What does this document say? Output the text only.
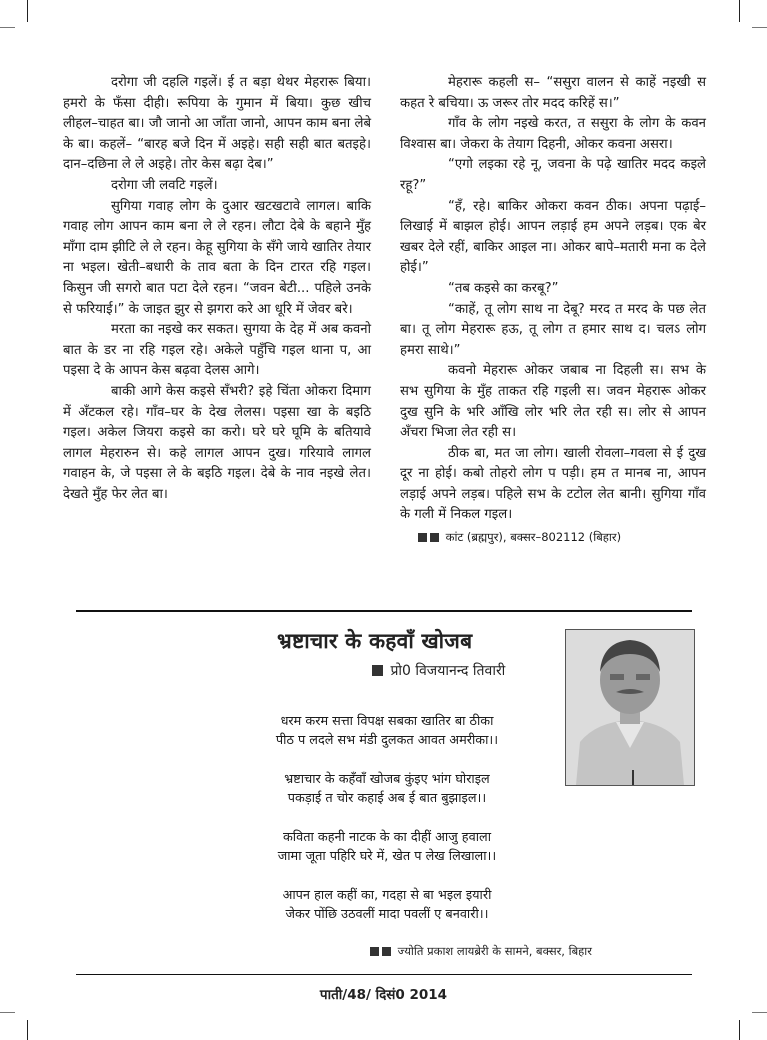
दरोगा जी दहलि गइलें। ई त बड़ा थेथर मेहरारू बिया। हमरो के फँसा दीही। रूपिया के गुमान में बिया। कुछ खीच लीहल–चाहत बा। जौ जानो आ जाँता जानो, आपन काम बना लेबे के बा। कहलें– “बारह बजे दिन में अइहे। सही सही बात बतइहे। दान–दछिना ले ले अइहे। तोर केस बढ़ा देब।”

दरोगा जी लवटि गइलें।

सुगिया गवाह लोग के दुआर खटखटावे लागल। बाकि गवाह लोग आपन काम बना ले ले रहन। लौटा देबे के बहाने मुँह माँगा दाम झीटि ले ले रहन। केहू सुगिया के सँगे जाये खातिर तेयार ना भइल। खेती–बधारी के ताव बता के दिन टारत रहि गइल। किसुन जी सगरो बात पटा देले रहन। “जवन बेटी... पहिले उनके से फरियाई।” के जाइत झुर से झगरा करे आ धूरि में जेवर बरे।

मरता का नइखे कर सकत। सुगया के देह में अब कवनो बात के डर ना रहि गइल रहे। अकेले पहुँचि गइल थाना प, आ पइसा दे के आपन केस बढ़वा देलस आगे।

बाकी आगे केस कइसे सँभरी? इहे चिंता ओकरा दिमाग में अँटकल रहे। गाँव–घर के देख लेलस। पइसा खा के बइठि गइल। अकेल जियरा कइसे का करो। घरे घरे घूमि के बतियावे लागल मेहरारुन से। कहे लागल आपन दुख। गरियावे लागल गवाहन के, जे पइसा ले के बइठि गइल। देबे के नाव नइखे लेत। देखते मुँह फेर लेत बा।

मेहरारू कहली स– “ससुरा वालन से काहें नइखी स कहत रे बचिया। ऊ जरूर तोर मदद करिहें स।”

गाँव के लोग नइखे करत, त ससुरा के लोग के कवन विश्वास बा। जेकरा के तेयाग दिहनी, ओकर कवना असरा।

“एगो लइका रहे नू, जवना के पढ़े खातिर मदद कइले रहू?”

“हँ, रहे। बाकिर ओकरा कवन ठीक। अपना पढ़ाई–लिखाई में बाझल होई। आपन लड़ाई हम अपने लड़ब। एक बेर खबर देले रहीं, बाकिर आइल ना। ओकर बापे–मतारी मना क देले होई।”

“तब कइसे का करबू?”

“काहें, तू लोग साथ ना देबू? मरद त मरद के पछ लेत बा। तू लोग मेहरारू हऊ, तू लोग त हमार साथ द। चलऽ लोग हमरा साथे।”

कवनो मेहरारू ओकर जबाब ना दिहली स। सभ के सभ सुगिया के मुँह ताकत रहि गइली स। जवन मेहरारू ओकर दुख सुनि के भरि आँखि लोर भरि लेत रही स। लोर से आपन अँचरा भिजा लेत रही स।

ठीक बा, मत जा लोग। खाली रोवला–गवला से ई दुख दूर ना होई। कबो तोहरो लोग प पड़ी। हम त मानब ना, आपन लड़ाई अपने लड़ब। पहिले सभ के टटोल लेत बानी। सुगिया गाँव के गली में निकल गइल।

कांट (ब्रह्मपुर), बक्सर–802112 (बिहार)
भ्रष्टाचार के कहवाँ खोजब
प्रो0 विजयानन्द तिवारी
धरम करम सत्ता विपक्ष सबका खातिर बा ठीका
पीठ प लदले सभ मंडी दुलकत आवत अमरीका।।
भ्रष्टाचार के कहँवाँ खोजब कुंइए भांग घोराइल
पकड़ाई त चोर कहाई अब ई बात बुझाइल।।
कविता कहनी नाटक के का दीहीं आजु हवाला
जामा जूता पहिरि घरे में, खेत प लेख लिखाला।।
आपन हाल कहीं का, गदहा से बा भइल इयारी
जेकर पोंछि उठवलीं मादा पवलीं ए बनवारी।।
ज्योति प्रकाश लायब्रेरी के सामने, बक्सर, बिहार
पाती/48/ दिसं0 2014
